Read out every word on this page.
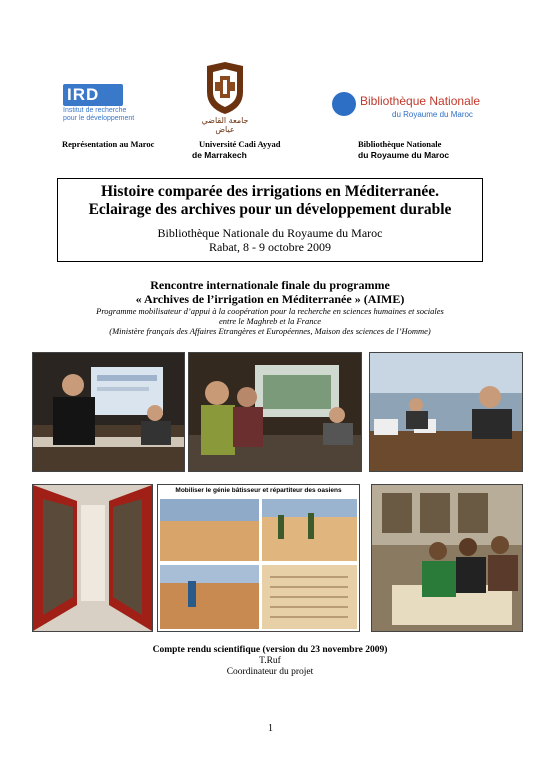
IRD
Institut de recherche
pour le développement
Représentation au Maroc
جامعة القاضي عياض
Université Cadi Ayyad
de Marrakech
Bibliothèque Nationale
du Royaume du Maroc
Bibliothèque Nationale
du Royaume du Maroc
Histoire comparée des irrigations en Méditerranée.
Eclairage des archives pour un développement durable
Bibliothèque Nationale du Royaume du Maroc
Rabat, 8 - 9 octobre 2009
Rencontre internationale finale du programme
« Archives de l’irrigation en Méditerranée » (AIME)
Programme mobilisateur d’appui à la coopération pour la recherche en sciences humaines et sociales
entre le Maghreb et la France
(Ministère français des Affaires Etrangères et Européennes, Maison des sciences de l’Homme)
Mobiliser le génie bâtisseur et répartiteur des oasiens
Compte rendu scientifique (version du 23 novembre 2009)
T.Ruf
Coordinateur du projet
1
